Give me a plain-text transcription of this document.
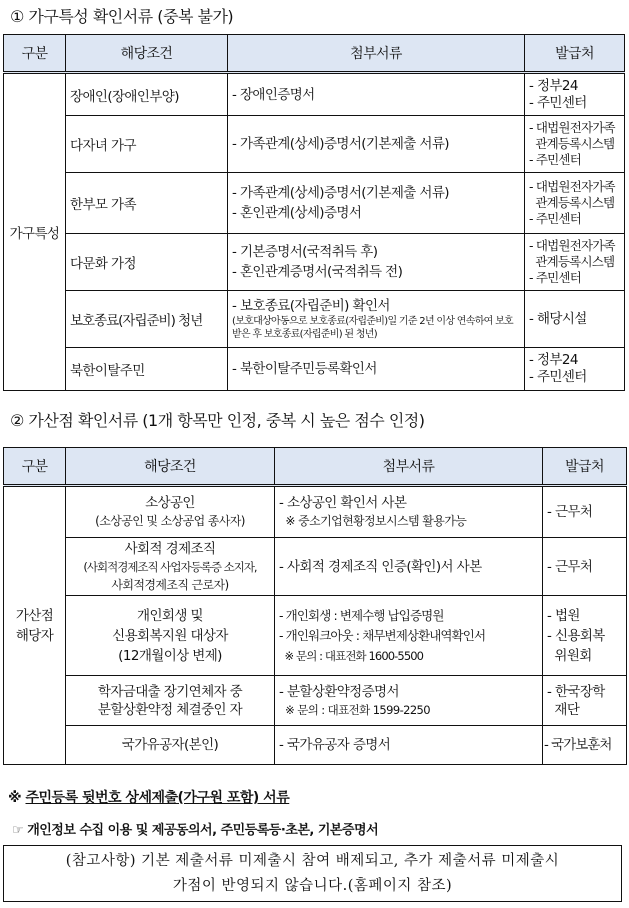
① 가구특성 확인서류 (중복 불가)
구분	해당조건	첨부서류	발급처
가구특성	장애인(장애인부양)	- 장애인증명서	- 정부24
- 주민센터

	다자녀 가구	- 가족관계(상세)증명서(기본제출 서류)	- 대법원전자가족
관계등록시스템
- 주민센터

	한부모 가족	- 가족관계(상세)증명서(기본제출 서류)
- 혼인관계(상세)증명서	- 대법원전자가족
관계등록시스템
- 주민센터

	다문화 가정	- 기본증명서(국적취득 후)
- 혼인관계증명서(국적취득 전)	- 대법원전자가족
관계등록시스템
- 주민센터

	보호종료(자립준비) 청년	- 보호종료(자립준비) 확인서
(보호대상아동으로 보호종료(자립준비)일 기준 2년 이상 연속하여 보호받은 후 보호종료(자립준비) 된 청년)	- 해당시설

	북한이탈주민	- 북한이탈주민등록확인서	- 정부24
- 주민센터
② 가산점 확인서류 (1개 항목만 인정, 중복 시 높은 점수 인정)
구분	해당조건	첨부서류	발급처

가산점
해당자	소상공인
(소상공인 및 소상공업 종사자)	- 소상공인 확인서 사본
※ 중소기업현황정보시스템 활용가능	- 근무처

	사회적 경제조직
(사회적경제조직 사업자등록증 소지자,
사회적경제조직 근로자)	- 사회적 경제조직 인증(확인)서 사본	- 근무처

	개인회생 및
신용회복지원 대상자
(12개월이상 변제)	- 개인회생 : 변제수행 납입증명원
- 개인워크아웃 : 채무변제상환내역확인서
※ 문의 : 대표전화 1600-5500	- 법원
- 신용회복
위원회

	학자금대출 장기연체자 중
분할상환약정 체결중인 자	- 분할상환약정증명서
※ 문의 : 대표전화 1599-2250	- 한국장학
재단

	국가유공자(본인)	- 국가유공자 증명서	- 국가보훈처
※ 주민등록 뒷번호 상세제출(가구원 포함) 서류
☞ 개인정보 수집 이용 및 제공동의서, 주민등록등·초본, 기본증명서
(참고사항) 기본 제출서류 미제출시 참여 배제되고, 추가 제출서류 미제출시
가점이 반영되지 않습니다.(홈페이지 참조)
